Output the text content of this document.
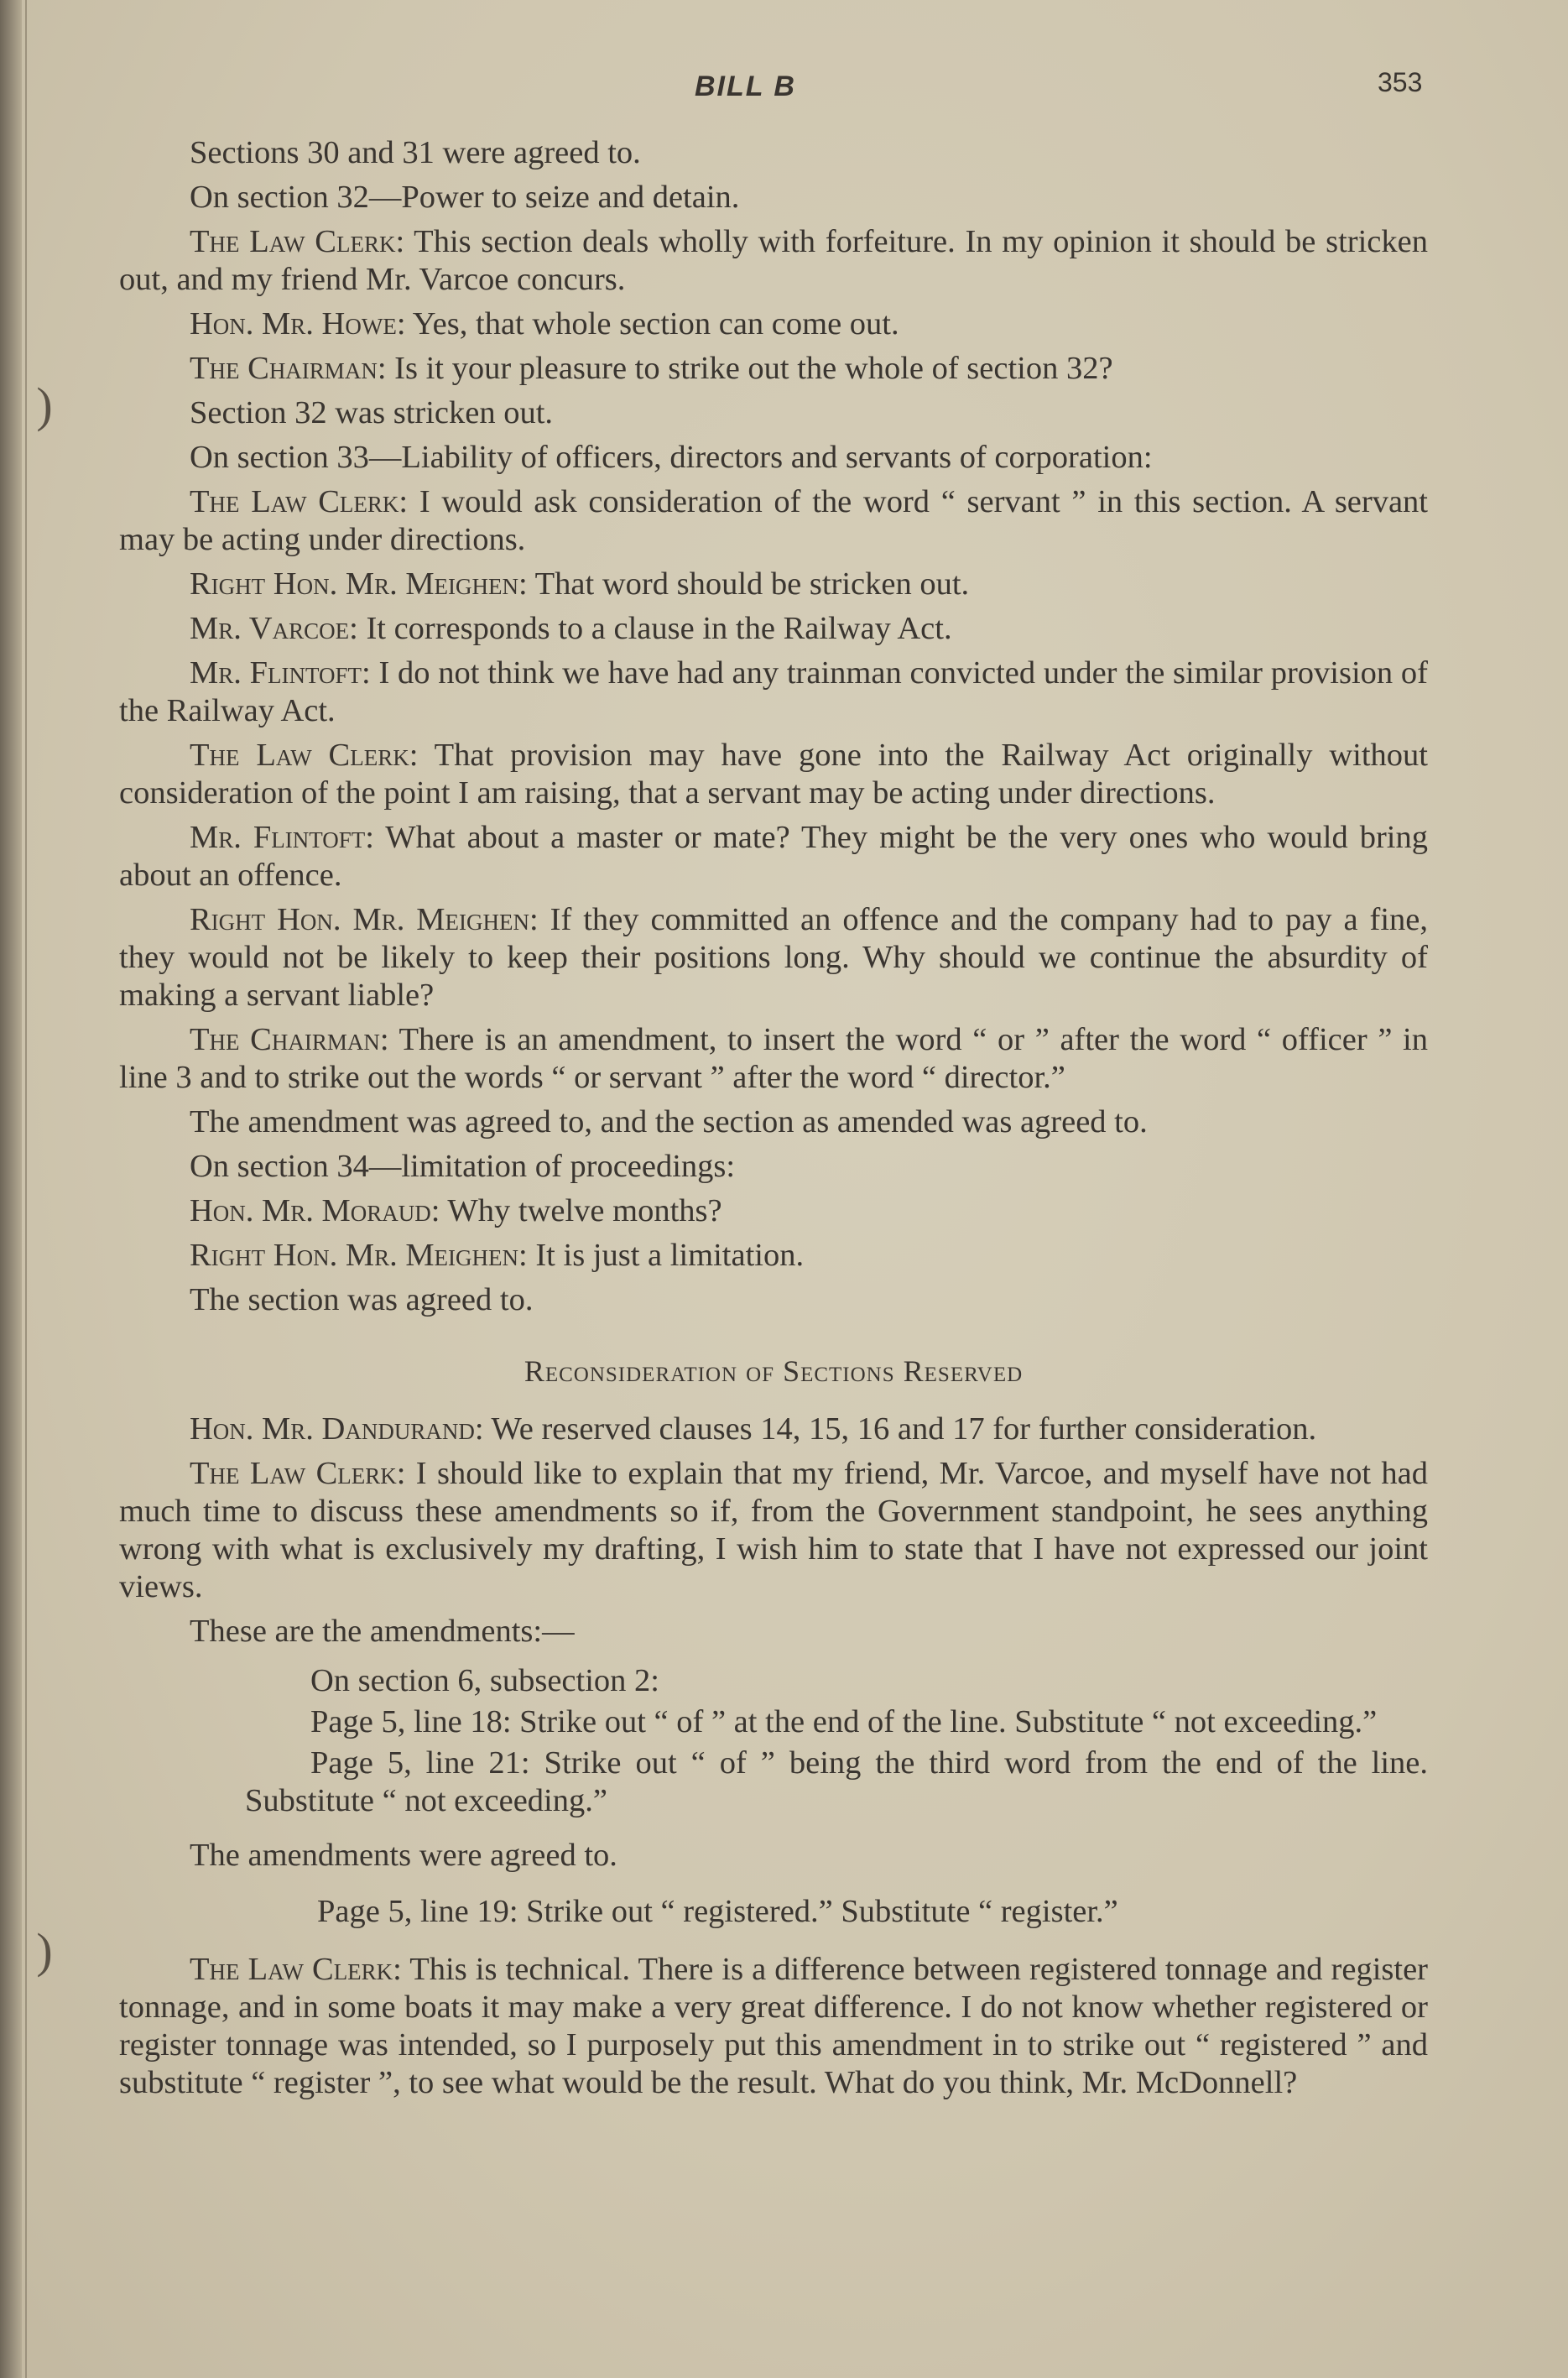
)
)
BILL B	353

Sections 30 and 31 were agreed to.

On section 32—Power to seize and detain.

The Law Clerk: This section deals wholly with forfeiture. In my opinion it should be stricken out, and my friend Mr. Varcoe concurs.

Hon. Mr. Howe: Yes, that whole section can come out.

The Chairman: Is it your pleasure to strike out the whole of section 32?

Section 32 was stricken out.

On section 33—Liability of officers, directors and servants of corporation:

The Law Clerk: I would ask consideration of the word “ servant ” in this section. A servant may be acting under directions.

Right Hon. Mr. Meighen: That word should be stricken out.

Mr. Varcoe: It corresponds to a clause in the Railway Act.

Mr. Flintoft: I do not think we have had any trainman convicted under the similar provision of the Railway Act.

The Law Clerk: That provision may have gone into the Railway Act originally without consideration of the point I am raising, that a servant may be acting under directions.

Mr. Flintoft: What about a master or mate? They might be the very ones who would bring about an offence.

Right Hon. Mr. Meighen: If they committed an offence and the company had to pay a fine, they would not be likely to keep their positions long. Why should we continue the absurdity of making a servant liable?

The Chairman: There is an amendment, to insert the word “ or ” after the word “ officer ” in line 3 and to strike out the words “ or servant ” after the word “ director.”

The amendment was agreed to, and the section as amended was agreed to.

On section 34—limitation of proceedings:

Hon. Mr. Moraud: Why twelve months?

Right Hon. Mr. Meighen: It is just a limitation.

The section was agreed to.

Reconsideration of Sections Reserved

Hon. Mr. Dandurand: We reserved clauses 14, 15, 16 and 17 for further consideration.

The Law Clerk: I should like to explain that my friend, Mr. Varcoe, and myself have not had much time to discuss these amendments so if, from the Government standpoint, he sees anything wrong with what is exclusively my drafting, I wish him to state that I have not expressed our joint views.

These are the amendments:—

On section 6, subsection 2:

Page 5, line 18: Strike out “ of ” at the end of the line. Substitute “ not exceeding.”

Page 5, line 21: Strike out “ of ” being the third word from the end of the line. Substitute “ not exceeding.”

The amendments were agreed to.

Page 5, line 19: Strike out “ registered.” Substitute “ register.”

The Law Clerk: This is technical. There is a difference between registered tonnage and register tonnage, and in some boats it may make a very great difference. I do not know whether registered or register tonnage was intended, so I purposely put this amendment in to strike out “ registered ” and substitute “ register ”, to see what would be the result. What do you think, Mr. McDonnell?
